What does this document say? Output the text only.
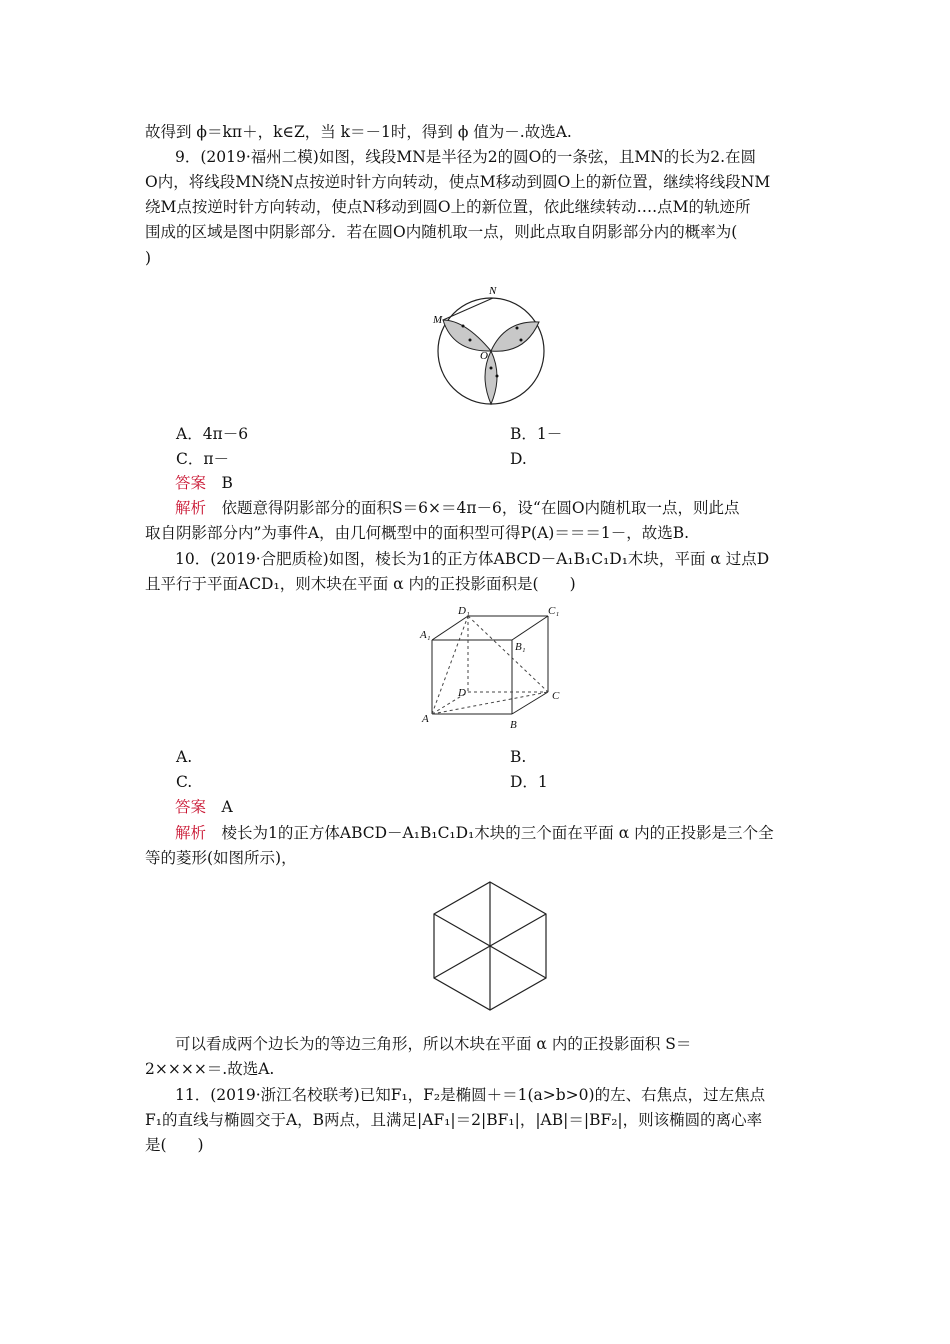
故得到 ϕ＝kπ＋，k∈Z，当 k＝－1时，得到 ϕ 值为－.故选A.
9．(2019·福州二模)如图，线段MN是半径为2的圆O的一条弦，且MN的长为2.在圆
O内，将线段MN绕N点按逆时针方向转动，使点M移动到圆O上的新位置，继续将线段NM
绕M点按逆时针方向转动，使点N移动到圆O上的新位置，依此继续转动….点M的轨迹所
围成的区域是图中阴影部分．若在圆O内随机取一点，则此点取自阴影部分内的概率为(
)
N
M
O
A．4π－6	B．1－
C．π－	D.
答案　 B
解析　 依题意得阴影部分的面积S＝6×＝4π－6，设“在圆O内随机取一点，则此点
取自阴影部分内”为事件A，由几何概型中的面积型可得P(A)＝＝＝1－，故选B.
10．(2019·合肥质检)如图，棱长为1的正方体ABCD－A₁B₁C₁D₁木块，平面 α 过点D
且平行于平面ACD₁，则木块在平面 α 内的正投影面积是(　　)
D₁	C₁
A₁
B₁
D	C
A	B
A.	B.
C.	D．1
答案　 A
解析　 棱长为1的正方体ABCD－A₁B₁C₁D₁木块的三个面在平面 α 内的正投影是三个全
等的菱形(如图所示)，
可以看成两个边长为的等边三角形，所以木块在平面 α 内的正投影面积 S＝
2××××＝.故选A.
11．(2019·浙江名校联考)已知F₁，F₂是椭圆＋＝1(a>b>0)的左、右焦点，过左焦点
F₁的直线与椭圆交于A，B两点，且满足|AF₁|＝2|BF₁|，|AB|＝|BF₂|，则该椭圆的离心率
是(　　)
